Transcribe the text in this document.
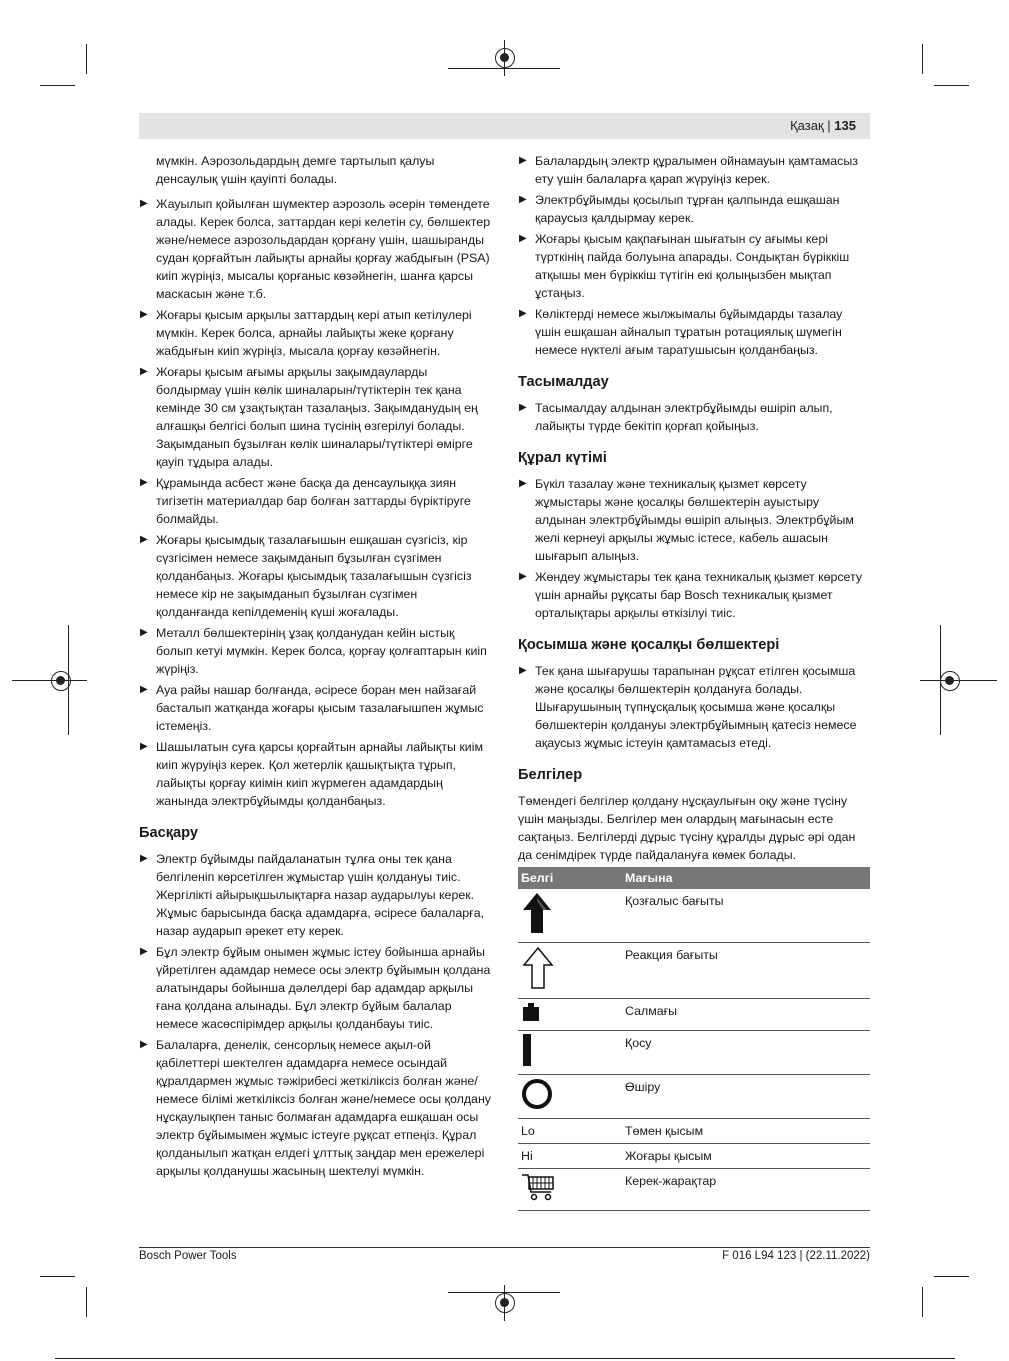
Қазақ | 135

мүмкін. Аэрозольдардың демге тартылып қалуы денсаулық үшін қауіпті болады.

▶ Жауылып қойылған шүмектер аэрозоль әсерін төмендете алады. Керек болса, заттардан кері келетін су, бөлшектер және/немесе аэрозольдардан қорғану үшін, шашыранды судан қорғайтын лайықты арнайы қорғау жабдығын (PSA) киіп жүріңіз, мысалы қорғаныс көзәйнегін, шанға қарсы маскасын және т.б.
▶ Жоғары қысым арқылы заттардың кері атып кетілулері мүмкін. Керек болса, арнайы лайықты жеке қорғану жабдығын киіп жүріңіз, мысала қорғау көзәйнегін.
▶ Жоғары қысым ағымы арқылы зақымдауларды болдырмау үшін көлік шиналарын/түтіктерін тек қана кемінде 30 см ұзақтықтан тазалаңыз. Зақымданудың ең алғашқы белгісі болып шина түсінің өзгерілуі болады. Зақымданып бұзылған көлік шиналары/түтіктері өмірге қауіп тұдыра алады.
▶ Құрамында асбест және басқа да денсаулыққа зиян тигізетін материалдар бар болған заттарды бүріктіруге болмайды.
▶ Жоғары қысымдық тазалағышын ешқашан сүзгісіз, кір сүзгісімен немесе зақымданып бұзылған сүзгімен қолданбаңыз. Жоғары қысымдық тазалағышын сүзгісіз немесе кір не зақымданып бұзылған сүзгімен қолданғанда кепілдеменің күші жоғалады.
▶ Металл бөлшектерінің ұзақ қолданудан кейін ыстық болып кетуі мүмкін. Керек болса, қорғау қолғаптарын киіп жүріңіз.
▶ Ауа райы нашар болғанда, әсіресе боран мен найзағай басталып жатқанда жоғары қысым тазалағышпен жұмыс істемеңіз.
▶ Шашылатын суға қарсы қорғайтын арнайы лайықты киім киіп жүруіңіз керек. Қол жетерлік қашықтықта тұрып, лайықты қорғау киімін киіп жүрмеген адамдардың жанында электрбұйымды қолданбаңыз.
Басқару
▶ Электр бұйымды пайдаланатын тұлға оны тек қана белгіленіп көрсетілген жұмыстар үшін қолдануы тиіс. Жергілікті айырықшылықтарға назар аударылуы керек. Жұмыс барысында басқа адамдарға, әсіресе балаларға, назар аударып әрекет ету керек.
▶ Бұл электр бұйым онымен жұмыс істеу бойынша арнайы үйретілген адамдар немесе осы электр бұйымын қолдана алатындары бойынша дәлелдері бар адамдар арқылы ғана қолдана алынады. Бұл электр бұйым балалар немесе жасөспірімдер арқылы қолданбауы тиіс.
▶ Балаларға, денелік, сенсорлық немесе ақыл-ой қабілеттері шектелген адамдарға немесе осындай құралдармен жұмыс тәжірибесі жеткіліксіз болған және/немесе білімі жеткіліксіз болған және/немесе осы қолдану нұсқаулықпен таныс болмаған адамдарға ешқашан осы электр бұйымымен жұмыс істеуге рұқсат етпеңіз. Құрал қолданылып жатқан елдегі ұлттық заңдар мен ережелері арқылы қолданушы жасының шектелуі мүмкін.
▶ Балалардың электр құралымен ойнамауын қамтамасыз ету үшін балаларға қарап жүруіңіз керек.
▶ Электрбұйымды қосылып тұрған қалпында ешқашан қараусыз қалдырмау керек.
▶ Жоғары қысым қақпағынан шығатын су ағымы кері түрткінің пайда болуына апарады. Сондықтан бүріккіш атқышы мен бүріккіш түтігін екі қолыңызбен мықтап ұстаңыз.
▶ Көліктерді немесе жылжымалы бұйымдарды тазалау үшін ешқашан айналып тұратын ротациялық шүмегін немесе нүктелі ағым таратушысын қолданбаңыз.
Тасымалдау
▶ Тасымалдау алдынан электрбұйымды өшіріп алып, лайықты түрде бекітіп қорғап қойыңыз.
Құрал күтімі
▶ Бүкіл тазалау және техникалық қызмет көрсету жұмыстары және қосалқы бөлшектерін ауыстыру алдынан электрбұйымды өшіріп алыңыз. Электрбұйым желі кернеуі арқылы жұмыс істесе, кабель ашасын шығарып алыңыз.
▶ Жөндеу жұмыстары тек қана техникалық қызмет көрсету үшін арнайы рұқсаты бар Bosch техникалық қызмет орталықтары арқылы өткізілуі тиіс.
Қосымша және қосалқы бөлшектері
▶ Тек қана шығарушы тарапынан рұқсат етілген қосымша және қосалқы бөлшектерін қолдануға болады. Шығарушының түпнұсқалық қосымша және қосалқы бөлшектерін қолдануы электрбұйымның қатесіз немесе ақаусыз жұмыс істеуін қамтамасыз етеді.
Белгілер

Төмендегі белгілер қолдану нұсқаулығын оқу және түсіну үшін маңызды. Белгілер мен олардың мағынасын есте сақтаңыз. Белгілерді дұрыс түсіну құралды дұрыс әрі одан да сенімдірек түрде пайдалануға көмек болады.

Белгі	Мағына
	Қозғалыс бағыты
	Реакция бағыты
	Салмағы
	Қосу
	Өшіру
Lo	Төмен қысым
Hi	Жоғары қысым
	Керек-жарақтар
Bosch Power Tools	F 016 L94 123 | (22.11.2022)
